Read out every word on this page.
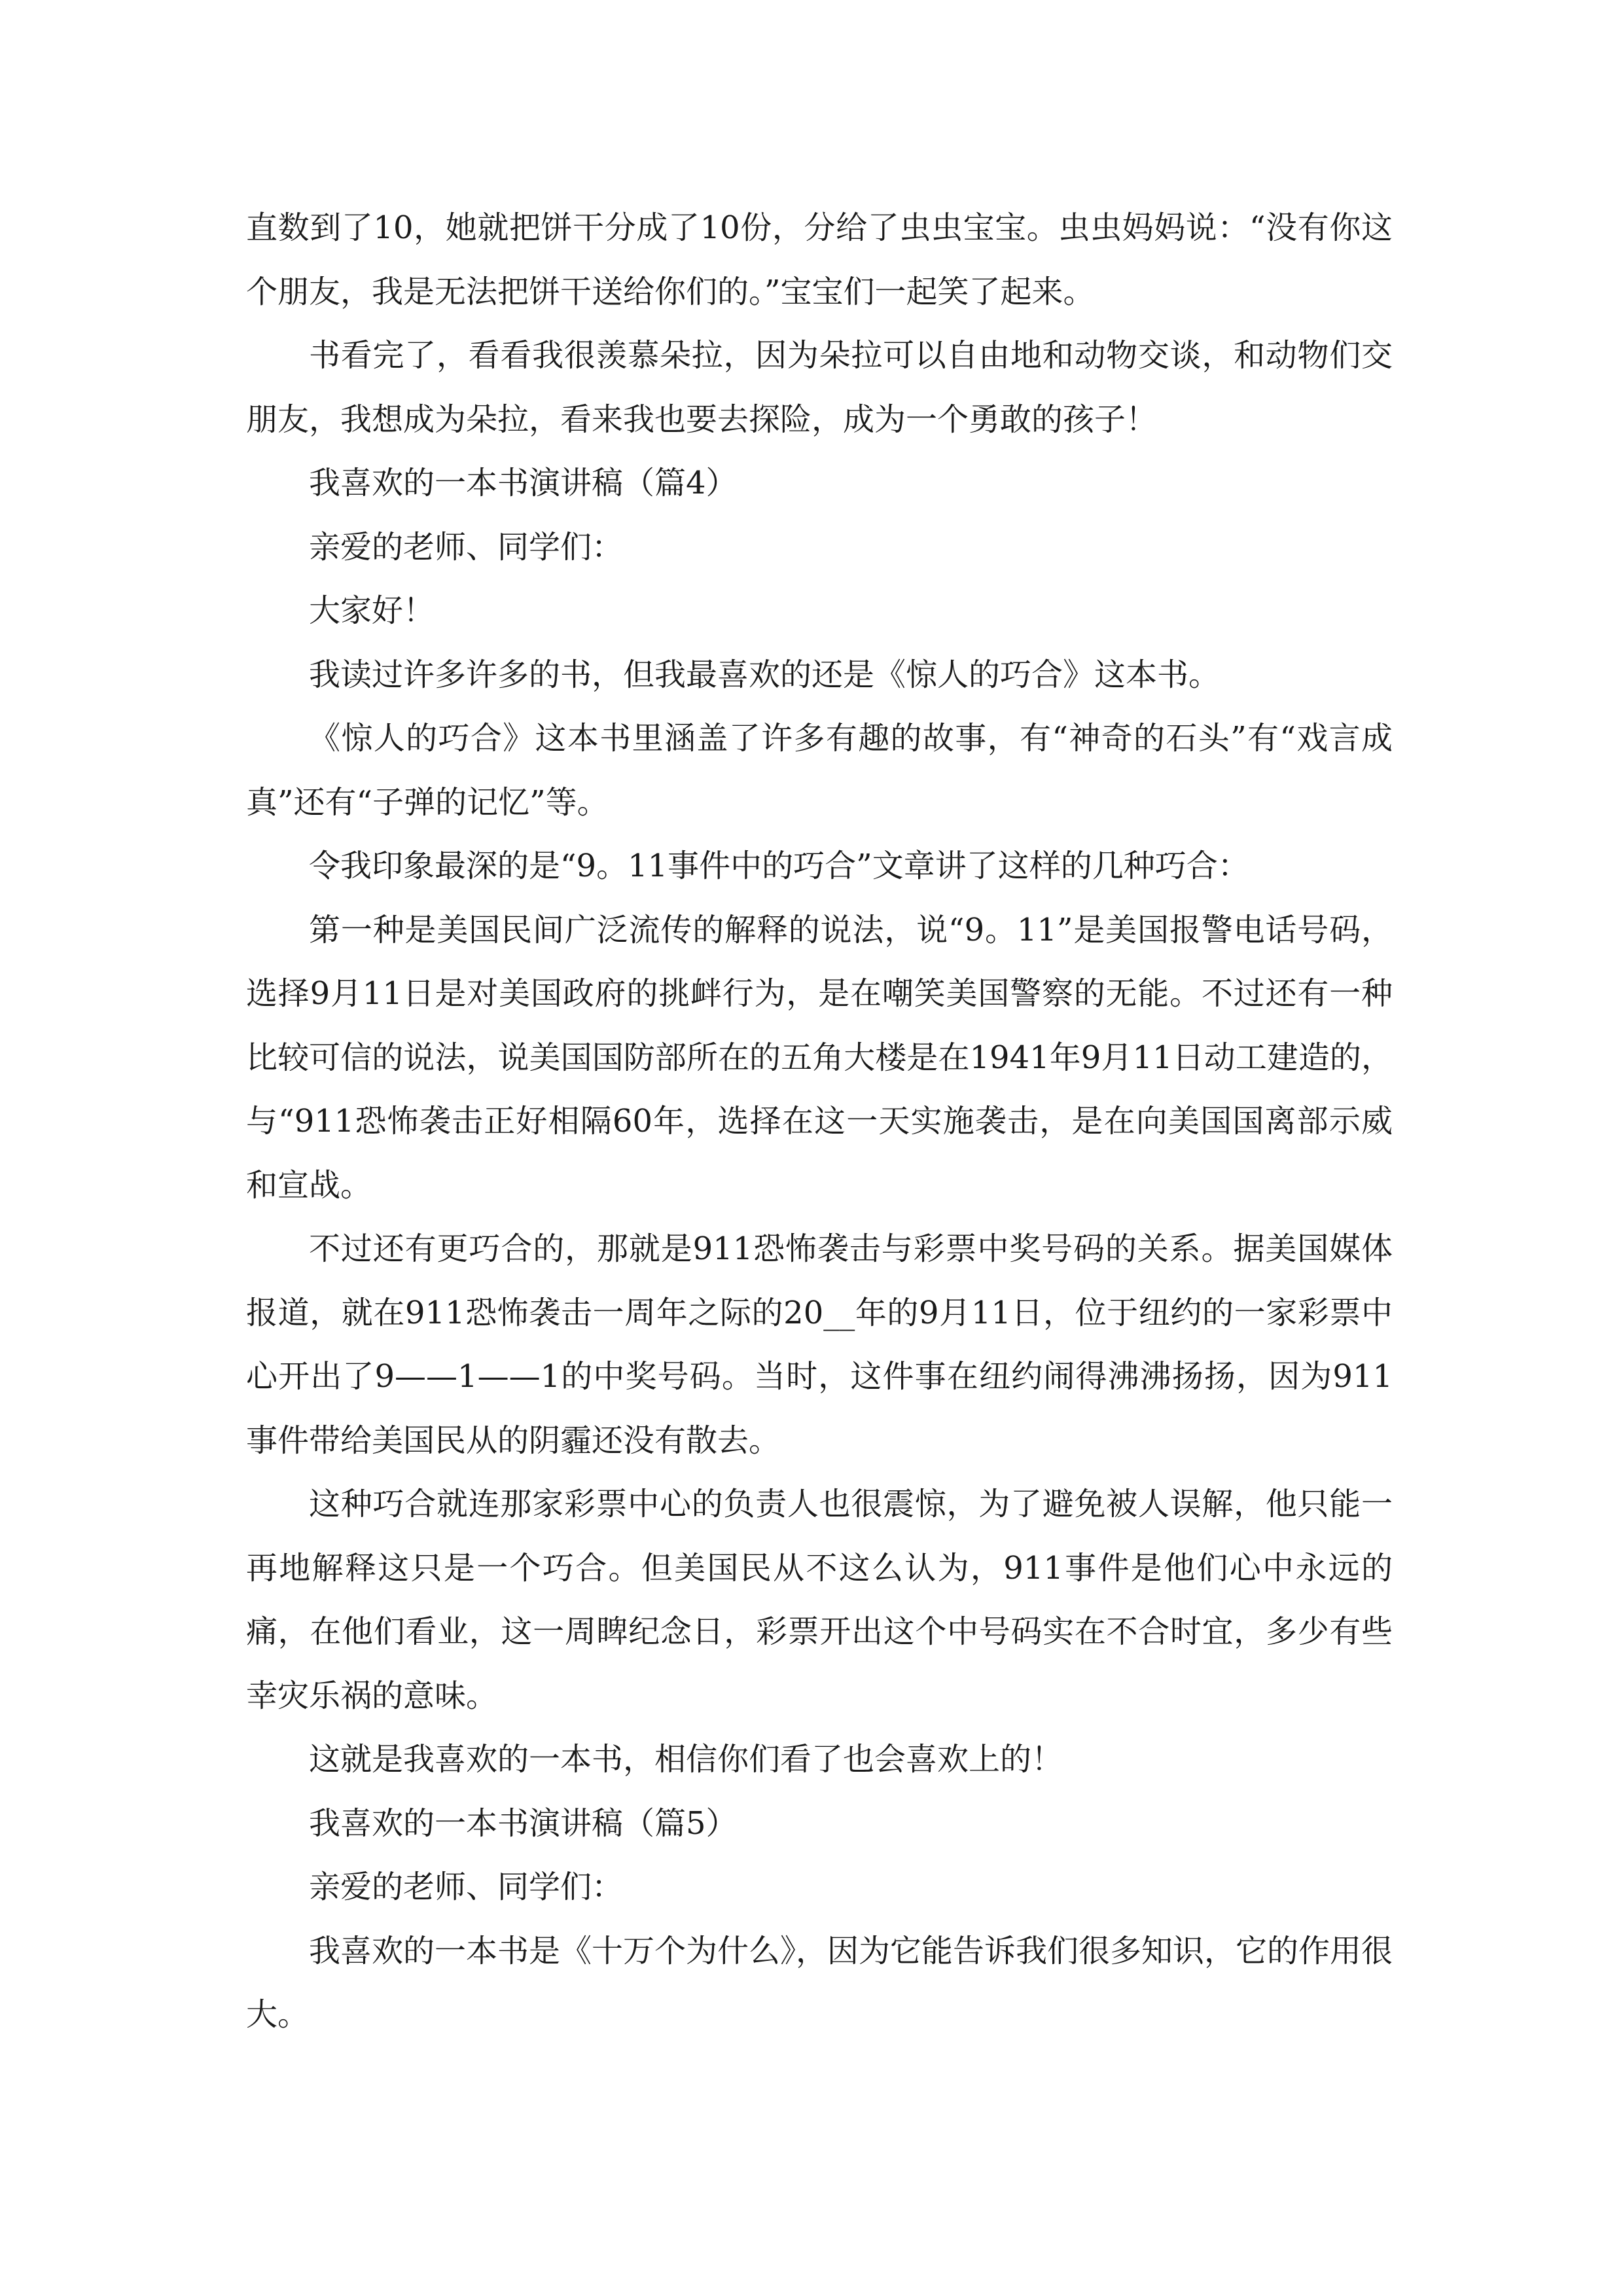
直数到了10，她就把饼干分成了10份，分给了虫虫宝宝。虫虫妈妈说：“没有你这个朋友，我是无法把饼干送给你们的。”宝宝们一起笑了起来。

书看完了，看看我很羡慕朵拉，因为朵拉可以自由地和动物交谈，和动物们交朋友，我想成为朵拉，看来我也要去探险，成为一个勇敢的孩子！

我喜欢的一本书演讲稿（篇4）

亲爱的老师、同学们：

大家好！

我读过许多许多的书，但我最喜欢的还是《惊人的巧合》这本书。

《惊人的巧合》这本书里涵盖了许多有趣的故事，有“神奇的石头”有“戏言成真”还有“子弹的记忆”等。

令我印象最深的是“9。11事件中的巧合”文章讲了这样的几种巧合：

第一种是美国民间广泛流传的解释的说法，说“9。11”是美国报警电话号码，选择9月11日是对美国政府的挑衅行为，是在嘲笑美国警察的无能。不过还有一种比较可信的说法，说美国国防部所在的五角大楼是在1941年9月11日动工建造的，与“911恐怖袭击正好相隔60年，选择在这一天实施袭击，是在向美国国离部示威和宣战。

不过还有更巧合的，那就是911恐怖袭击与彩票中奖号码的关系。据美国媒体报道，就在911恐怖袭击一周年之际的20__年的9月11日，位于纽约的一家彩票中心开出了9——1——1的中奖号码。当时，这件事在纽约闹得沸沸扬扬，因为911事件带给美国民从的阴霾还没有散去。

这种巧合就连那家彩票中心的负责人也很震惊，为了避免被人误解，他只能一再地解释这只是一个巧合。但美国民从不这么认为，911事件是他们心中永远的痛，在他们看业，这一周睥纪念日，彩票开出这个中号码实在不合时宜，多少有些幸灾乐祸的意味。

这就是我喜欢的一本书，相信你们看了也会喜欢上的！

我喜欢的一本书演讲稿（篇5）

亲爱的老师、同学们：

我喜欢的一本书是《十万个为什么》，因为它能告诉我们很多知识，它的作用很大。
